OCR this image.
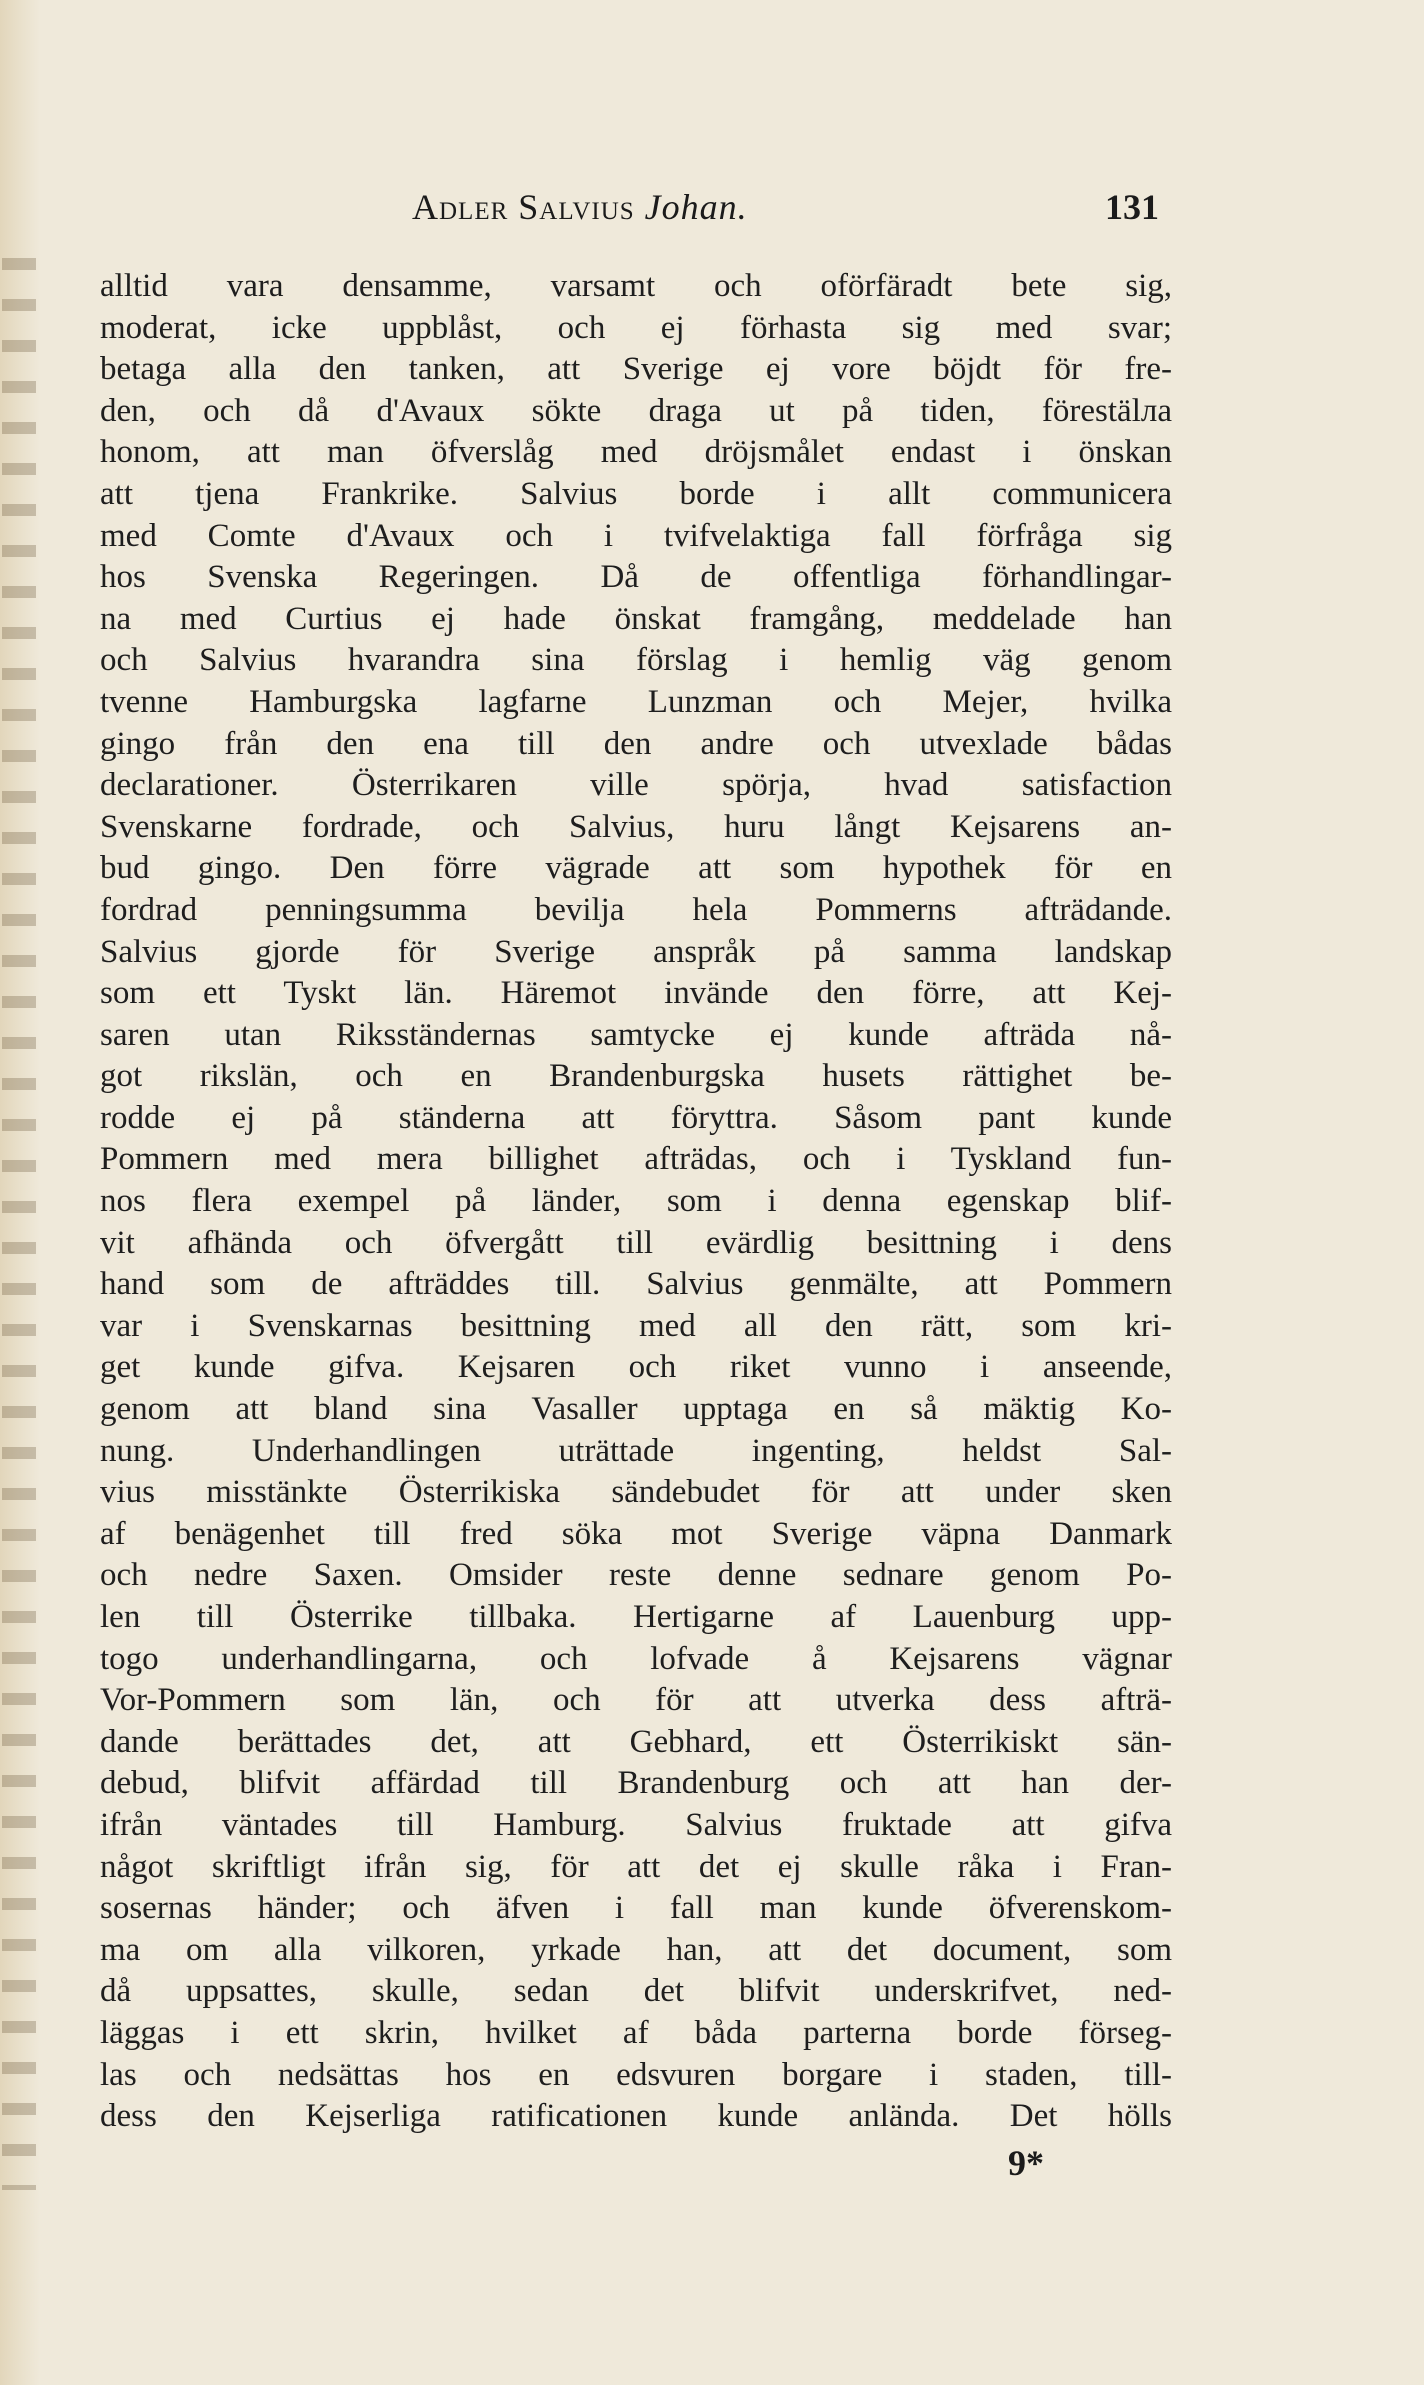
Adler Salvius Johan.	131
alltid vara densamme, varsamt och oförfäradt bete sig,
moderat, icke uppblåst, och ej förhasta sig med svar;
betaga alla den tanken, att Sverige ej vore böjdt för fre-
den, och då d'Avaux sökte draga ut på tiden, förestälла
honom, att man öfverslåg med dröjsmålet endast i önskan
att tjena Frankrike. Salvius borde i allt communicera
med Comte d'Avaux och i tvifvelaktiga fall förfråga sig
hos Svenska Regeringen. Då de offentliga förhandlingar-
na med Curtius ej hade önskat framgång, meddelade han
och Salvius hvarandra sina förslag i hemlig väg genom
tvenne Hamburgska lagfarne Lunzman och Mejer, hvilka
gingo från den ena till den andre och utvexlade bådas
declarationer. Österrikaren ville spörja, hvad satisfaction
Svenskarne fordrade, och Salvius, huru långt Kejsarens an-
bud gingo. Den förre vägrade att som hypothek för en
fordrad penningsumma bevilja hela Pommerns afträdande.
Salvius gjorde för Sverige anspråk på samma landskap
som ett Tyskt län. Häremot invände den förre, att Kej-
saren utan Riksständernas samtycke ej kunde afträda nå-
got rikslän, och en Brandenburgska husets rättighet be-
rodde ej på ständerna att föryttra. Såsom pant kunde
Pommern med mera billighet afträdas, och i Tyskland fun-
nos flera exempel på länder, som i denna egenskap blif-
vit afhända och öfvergått till evärdlig besittning i dens
hand som de afträddes till. Salvius genmälte, att Pommern
var i Svenskarnas besittning med all den rätt, som kri-
get kunde gifva. Kejsaren och riket vunno i anseende,
genom att bland sina Vasaller upptaga en så mäktig Ko-
nung. Underhandlingen uträttade ingenting, heldst Sal-
vius misstänkte Österrikiska sändebudet för att under sken
af benägenhet till fred söka mot Sverige väpna Danmark
och nedre Saxen. Omsider reste denne sednare genom Po-
len till Österrike tillbaka. Hertigarne af Lauenburg upp-
togo underhandlingarna, och lofvade å Kejsarens vägnar
Vor-Pommern som län, och för att utverka dess afträ-
dande berättades det, att Gebhard, ett Österrikiskt sän-
debud, blifvit affärdad till Brandenburg och att han der-
ifrån väntades till Hamburg. Salvius fruktade att gifva
något skriftligt ifrån sig, för att det ej skulle råka i Fran-
sosernas händer; och äfven i fall man kunde öfverenskom-
ma om alla vilkoren, yrkade han, att det document, som
då uppsattes, skulle, sedan det blifvit underskrifvet, ned-
läggas i ett skrin, hvilket af båda parterna borde förseg-
las och nedsättas hos en edsvuren borgare i staden, till-
dess den Kejserliga ratificationen kunde anlända. Det hölls
9*
